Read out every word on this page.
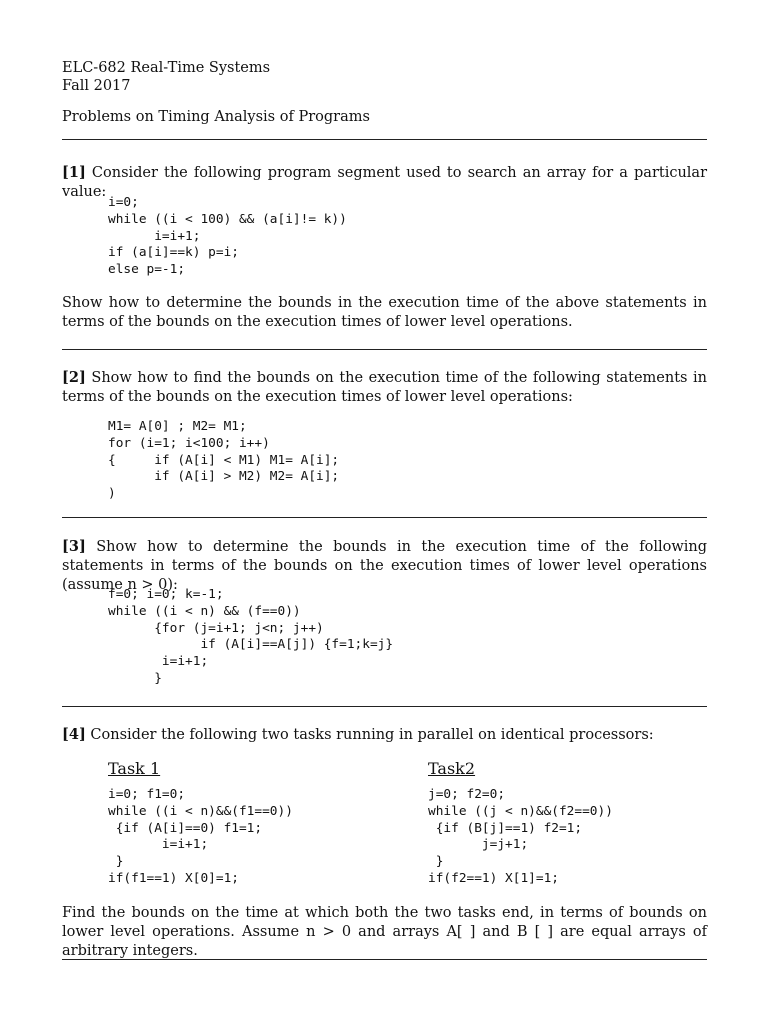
ELC-682 Real-Time Systems
Fall 2017
Problems on Timing Analysis of Programs

[1] Consider the following program segment used to search an array for a particular value:

i=0;
while ((i < 100) && (a[i]!= k))
i=i+1;
if (a[i]==k) p=i;
else p=-1;

Show how to determine the bounds in the execution time of the above statements in terms of the bounds on the execution times of lower level operations.

[2] Show how to find the bounds on the execution time of the following statements in terms of the bounds on the execution times of lower level operations:

M1= A[0] ; M2= M1;
for (i=1; i<100; i++)
{     if (A[i] < M1) M1= A[i];
if (A[i] > M2) M2= A[i];
)

[3] Show how to determine the bounds in the execution time of the following statements in terms of the bounds on the execution times of lower level operations (assume n > 0):

f=0; i=0; k=-1;
while ((i < n) && (f==0))
{for (j=i+1; j<n; j++)
if (A[i]==A[j]) {f=1;k=j}
i=i+1;
}

[4] Consider the following two tasks running in parallel on identical processors:

Task 1	Task2
i=0; f1=0;
while ((i < n)&&(f1==0))
{if (A[i]==0) f1=1;
i=i+1;
}
if(f1==1) X[0]=1;
j=0; f2=0;
while ((j < n)&&(f2==0))
{if (B[j]==1) f2=1;
j=j+1;
}
if(f2==1) X[1]=1;

Find the bounds on the time at which both the two tasks end, in terms of bounds on lower level operations. Assume n > 0 and arrays A[ ] and B [ ] are equal arrays of arbitrary integers.
